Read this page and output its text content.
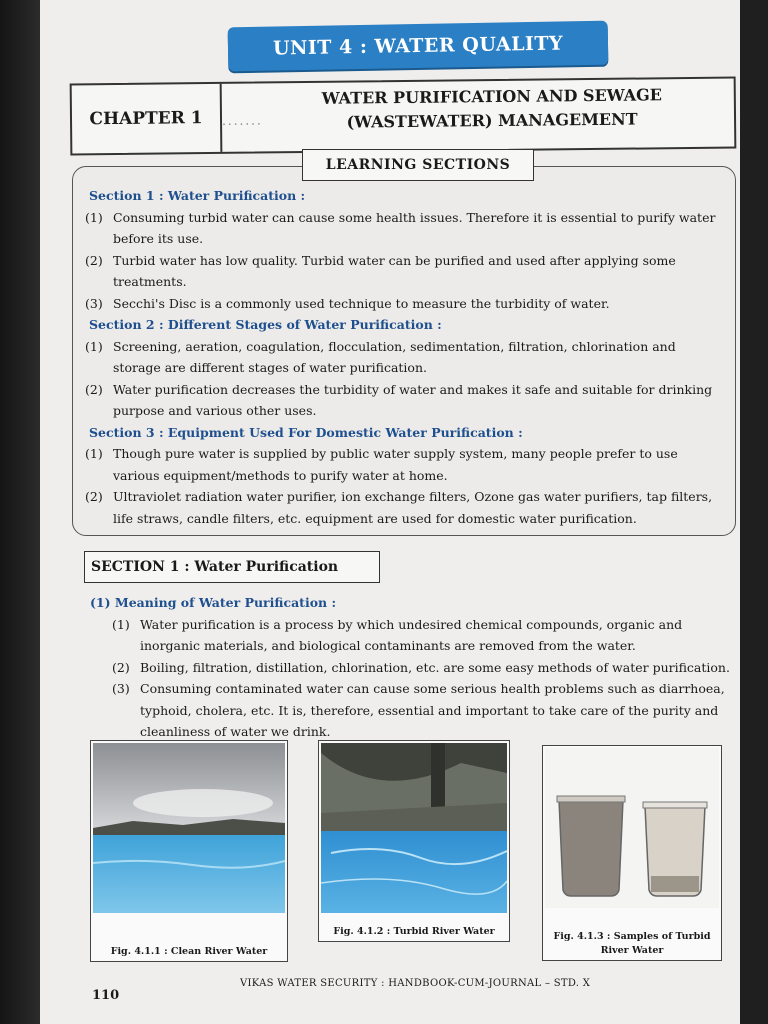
UNIT 4 : WATER QUALITY
CHAPTER 1	.......
WATER PURIFICATION AND SEWAGE
(WASTEWATER) MANAGEMENT
Section 1 : Water Purification :
(1) Consuming turbid water can cause some health issues. Therefore it is essential to purify water before its use.
(2) Turbid water has low quality. Turbid water can be purified and used after applying some treatments.
(3) Secchi's Disc is a commonly used technique to measure the turbidity of water.
Section 2 : Different Stages of Water Purification :
(1) Screening, aeration, coagulation, flocculation, sedimentation, filtration, chlorination and storage are different stages of water purification.
(2) Water purification decreases the turbidity of water and makes it safe and suitable for drinking purpose and various other uses.
Section 3 : Equipment Used For Domestic Water Purification :
(1) Though pure water is supplied by public water supply system, many people prefer to use various equipment/methods to purify water at home.
(2) Ultraviolet radiation water purifier, ion exchange filters, Ozone gas water purifiers, tap filters, life straws, candle filters, etc. equipment are used for domestic water purification.
LEARNING SECTIONS
SECTION 1 : Water Purification
(1) Meaning of Water Purification :
(1) Water purification is a process by which undesired chemical compounds, organic and inorganic materials, and biological contaminants are removed from the water.
(2) Boiling, filtration, distillation, chlorination, etc. are some easy methods of water purification.
(3) Consuming contaminated water can cause some serious health problems such as diarrhoea, typhoid, cholera, etc. It is, therefore, essential and important to take care of the purity and cleanliness of water we drink.
Fig. 4.1.1 : Clean River Water
Fig. 4.1.2 : Turbid River Water	Fig. 4.1.3 : Samples of Turbid River Water
VIKAS WATER SECURITY : HANDBOOK-CUM-JOURNAL – STD. X
110
